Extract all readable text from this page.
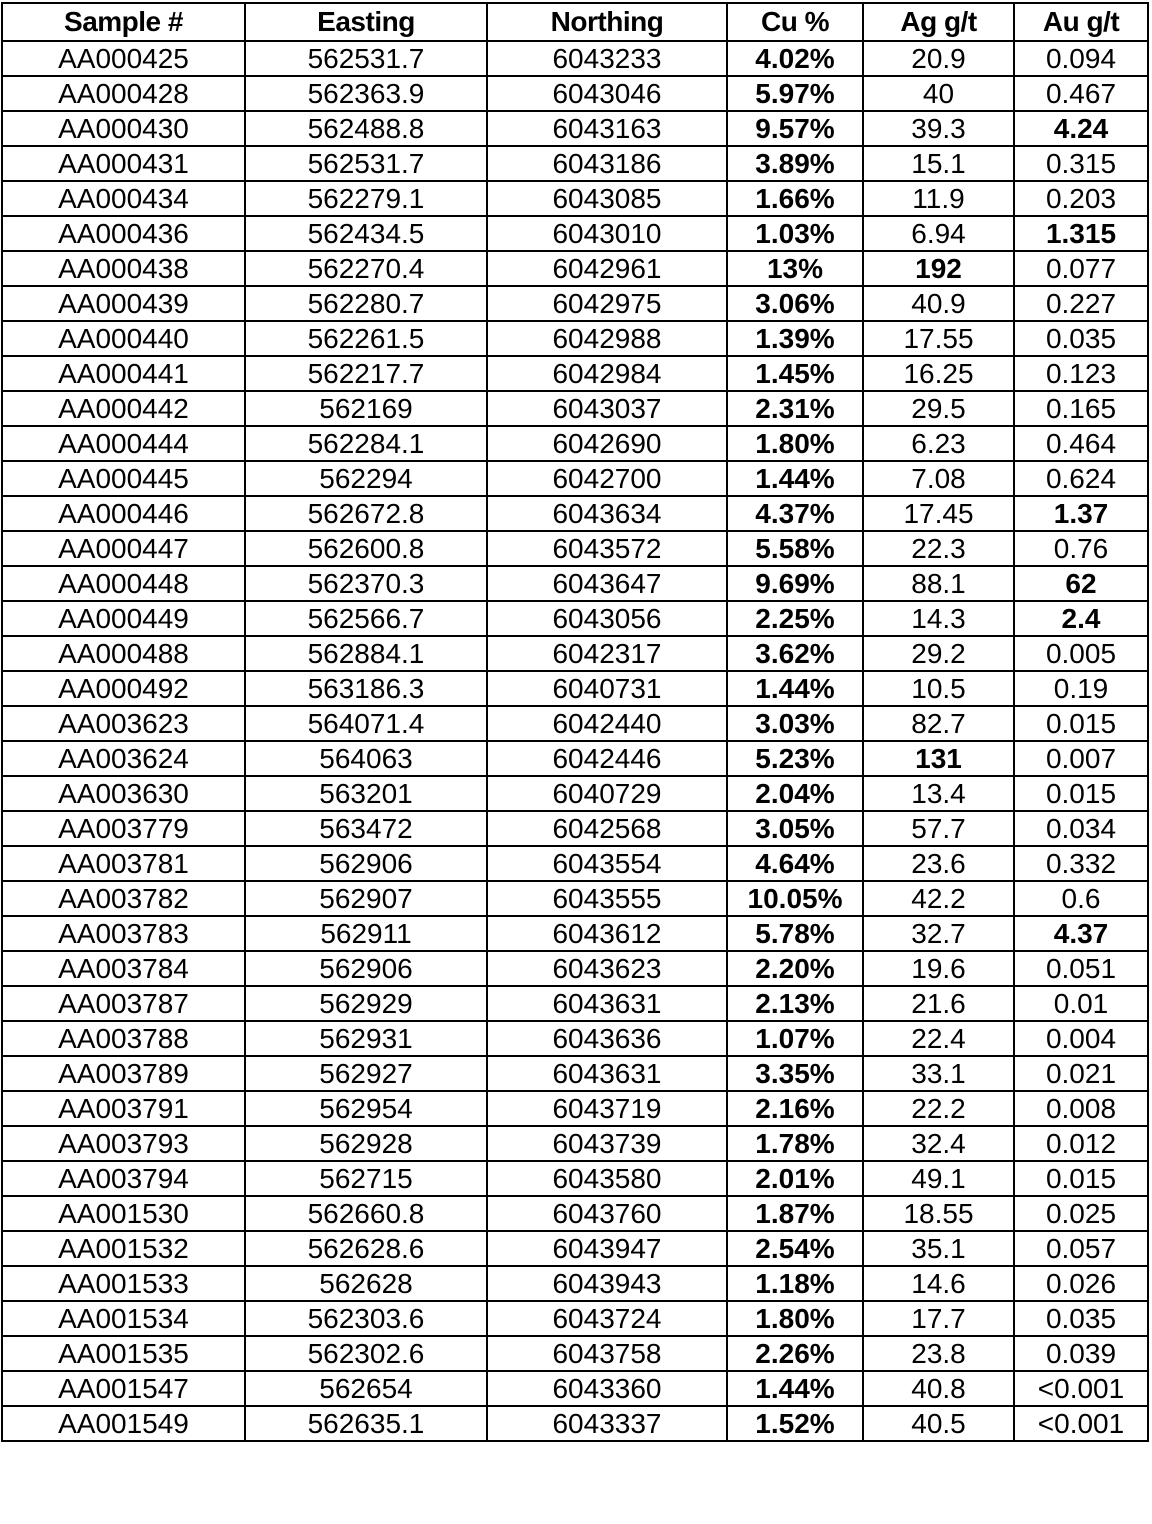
Sample #	Easting	Northing	Cu %	Ag g/t	Au g/t
AA000425	562531.7	6043233	4.02%	20.9	0.094
AA000428	562363.9	6043046	5.97%	40	0.467
AA000430	562488.8	6043163	9.57%	39.3	4.24
AA000431	562531.7	6043186	3.89%	15.1	0.315
AA000434	562279.1	6043085	1.66%	11.9	0.203
AA000436	562434.5	6043010	1.03%	6.94	1.315
AA000438	562270.4	6042961	13%	192	0.077
AA000439	562280.7	6042975	3.06%	40.9	0.227
AA000440	562261.5	6042988	1.39%	17.55	0.035
AA000441	562217.7	6042984	1.45%	16.25	0.123
AA000442	562169	6043037	2.31%	29.5	0.165
AA000444	562284.1	6042690	1.80%	6.23	0.464
AA000445	562294	6042700	1.44%	7.08	0.624
AA000446	562672.8	6043634	4.37%	17.45	1.37
AA000447	562600.8	6043572	5.58%	22.3	0.76
AA000448	562370.3	6043647	9.69%	88.1	62
AA000449	562566.7	6043056	2.25%	14.3	2.4
AA000488	562884.1	6042317	3.62%	29.2	0.005
AA000492	563186.3	6040731	1.44%	10.5	0.19
AA003623	564071.4	6042440	3.03%	82.7	0.015
AA003624	564063	6042446	5.23%	131	0.007
AA003630	563201	6040729	2.04%	13.4	0.015
AA003779	563472	6042568	3.05%	57.7	0.034
AA003781	562906	6043554	4.64%	23.6	0.332
AA003782	562907	6043555	10.05%	42.2	0.6
AA003783	562911	6043612	5.78%	32.7	4.37
AA003784	562906	6043623	2.20%	19.6	0.051
AA003787	562929	6043631	2.13%	21.6	0.01
AA003788	562931	6043636	1.07%	22.4	0.004
AA003789	562927	6043631	3.35%	33.1	0.021
AA003791	562954	6043719	2.16%	22.2	0.008
AA003793	562928	6043739	1.78%	32.4	0.012
AA003794	562715	6043580	2.01%	49.1	0.015
AA001530	562660.8	6043760	1.87%	18.55	0.025
AA001532	562628.6	6043947	2.54%	35.1	0.057
AA001533	562628	6043943	1.18%	14.6	0.026
AA001534	562303.6	6043724	1.80%	17.7	0.035
AA001535	562302.6	6043758	2.26%	23.8	0.039
AA001547	562654	6043360	1.44%	40.8	<0.001
AA001549	562635.1	6043337	1.52%	40.5	<0.001
